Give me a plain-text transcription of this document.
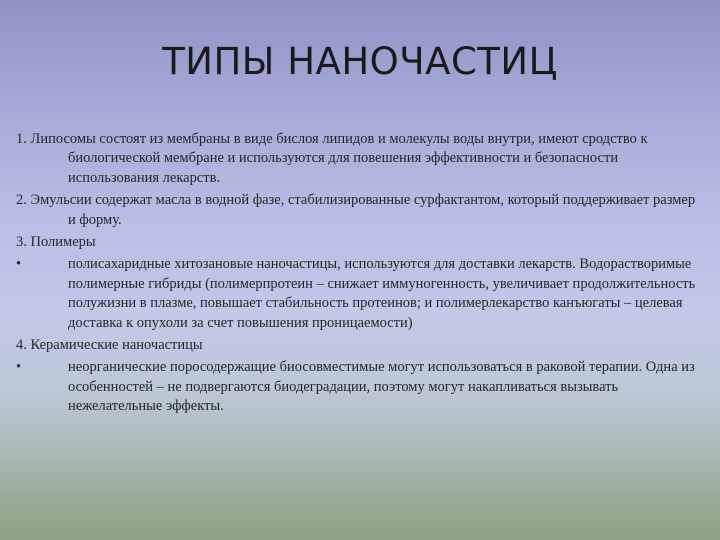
ТИПЫ НАНОЧАСТИЦ

1. Липосомы состоят из мембраны в виде бислоя липидов и молекулы воды внутри, имеют сродство к биологической мембране и используются для повешения эффективности и безопасности использования лекарств.

2. Эмульсии содержат масла в водной фазе, стабилизированные сурфактантом, который поддерживает размер и форму.

3. Полимеры

•	полисахаридные хитозановые наночастицы, используются для доставки лекарств. Водорастворимые полимерные гибриды (полимерпротеин – снижает иммуногенность, увеличивает продолжительность полужизни в плазме, повышает стабильность протеинов; и полимерлекарство канъюгаты – целевая доставка к опухоли за счет повышения проницаемости)

4. Керамические наночастицы

•	неорганические поросодержащие биосовместимые могут использоваться в раковой терапии. Одна из особенностей – не подвергаются биодеградации, поэтому могут накапливаться вызывать нежелательные эффекты.
